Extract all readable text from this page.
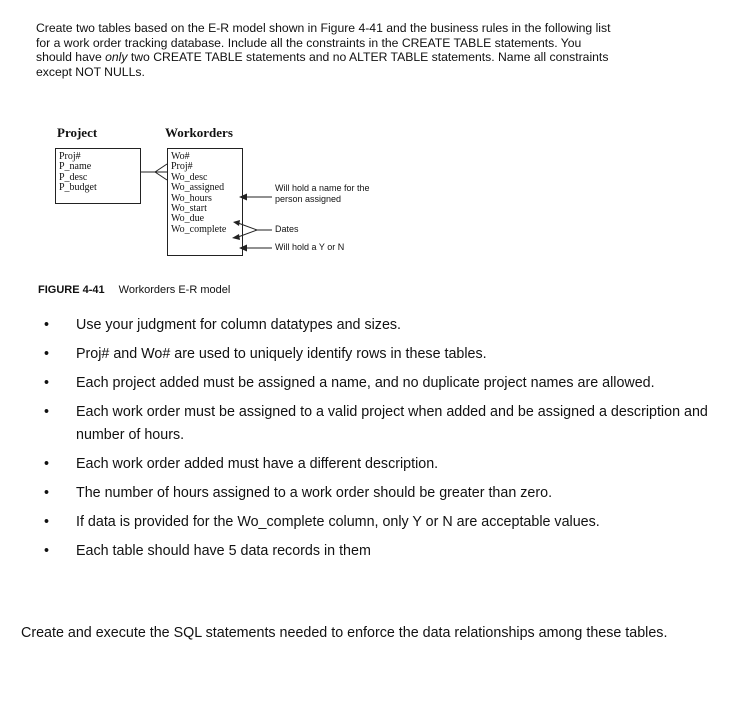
Create two tables based on the E-R model shown in Figure 4-41 and the business rules in the following list for a work order tracking database. Include all the constraints in the CREATE TABLE statements. You should have only two CREATE TABLE statements and no ALTER TABLE statements. Name all constraints except NOT NULLs.

Project	Workorders
Proj#
P_name
P_desc
P_budget
Wo#
Proj#
Wo_desc
Wo_assigned
Wo_hours
Wo_start
Wo_due
Wo_complete
Will hold a name for the person assigned
Dates
Will hold a Y or N
FIGURE 4-41 Workorders E-R model
• Use your judgment for column datatypes and sizes.
• Proj# and Wo# are used to uniquely identify rows in these tables.
• Each project added must be assigned a name, and no duplicate project names are allowed.
• Each work order must be assigned to a valid project when added and be assigned a description and number of hours.
• Each work order added must have a different description.
• The number of hours assigned to a work order should be greater than zero.
• If data is provided for the Wo_complete column, only Y or N are acceptable values.
• Each table should have 5 data records in them
Create and execute the SQL statements needed to enforce the data relationships among these tables.
